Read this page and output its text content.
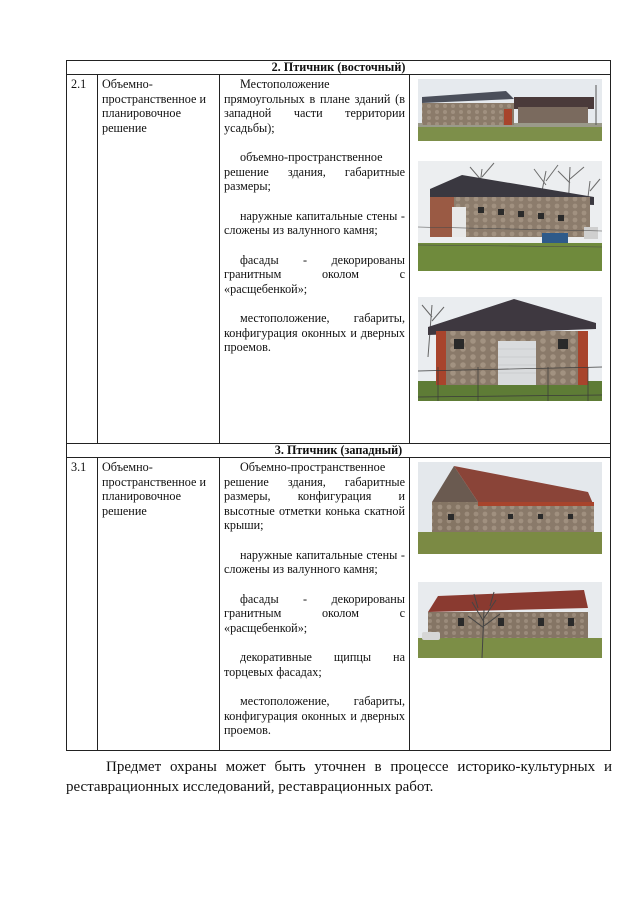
2. Птичник (восточный)			
2.1	Объемно-пространственное и планировочное решение	Местоположение прямоугольных в плане зданий (в западной части территории усадьбы);

объемно-пространственное решение здания, габаритные размеры;

наружные капитальные стены - сложены из валунного камня;

фасады - декорированы гранитным околом с «расщебенкой»;

местоположение, габариты, конфигурация оконных и дверных проемов.

3. Птичник (западный)			
3.1	Объемно-пространственное и планировочное решение	Объемно-пространственное решение здания, габаритные размеры, конфигурация и высотные отметки конька скатной крыши;

наружные капитальные стены - сложены из валунного камня;

фасады - декорированы гранитным околом с «расщебенкой»;

декоративные щипцы на торцевых фасадах;

местоположение, габариты, конфигурация оконных и дверных проемов.

Предмет охраны может быть уточнен в процессе историко-культурных и реставрационных исследований, реставрационных работ.
